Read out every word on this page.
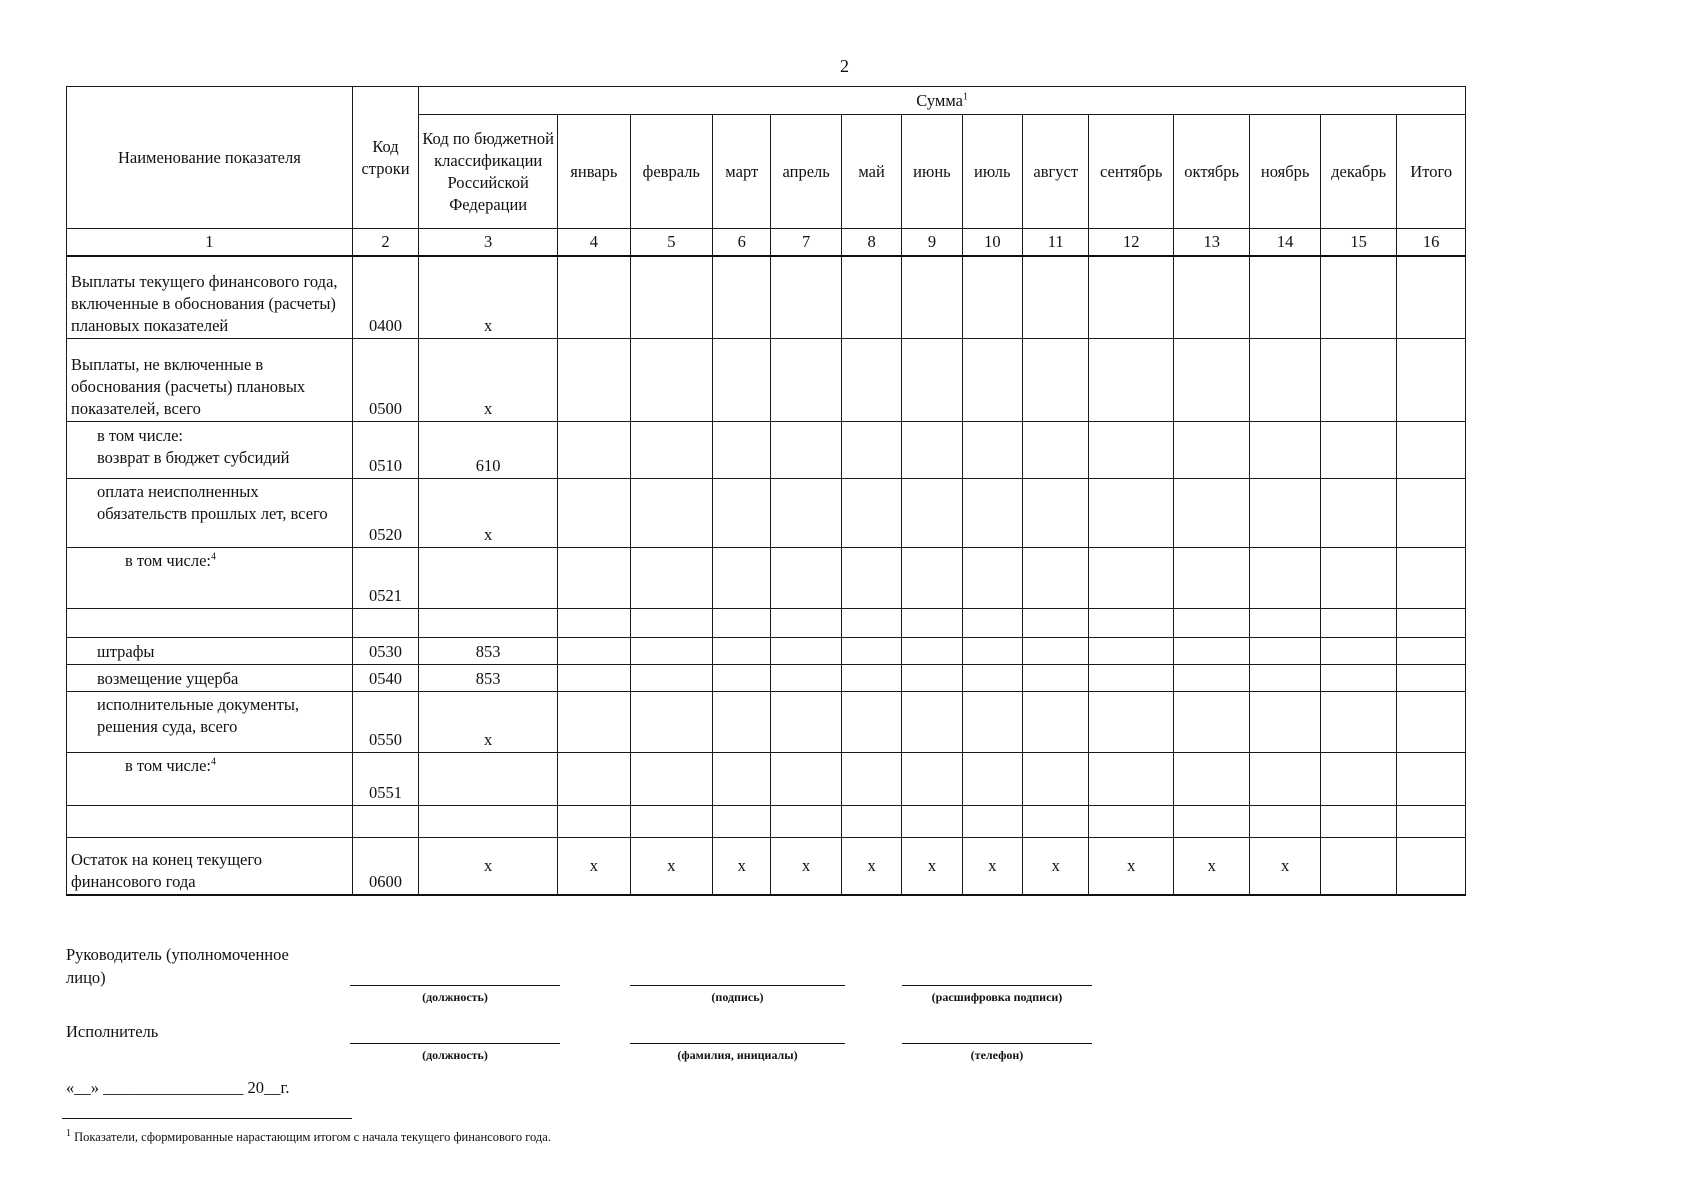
2
Наименование показателя	Код строки	Сумма$^1$
		Код по бюджетной классификации Российской Федерации	январь	февраль	март	апрель	май	июнь	июль	август	сентябрь	октябрь	ноябрь	декабрь	Итого
1	2	3	4	5	6	7	8	9	10	11	12	13	14	15	16
Выплаты текущего финансового года, включенные в обоснования (расчеты) плановых показателей	0400	x													
Выплаты, не включенные в обоснования (расчеты) плановых показателей, всего	0500	x													

в том числе:
возврат в бюджет субсидий	0510	610													
оплата неисполненных обязательств прошлых лет, всего	0520	x													
в том числе:$^4$	0521														

штрафы	0530	853													
возмещение ущерба	0540	853													
исполнительные документы, решения суда, всего	0550	x													
в том числе:$^4$	0551														

Остаток на конец текущего финансового года	0600	x	x	x	x	x	x	x	x	x	x	x	x		
Руководитель (уполномоченное лицо)
(должность)	(подпись)	(расшифровка подписи)
Исполнитель
(должность)	(фамилия, инициалы)	(телефон)
«__» _________________ 20__г.
$^1$ Показатели, сформированные нарастающим итогом с начала текущего финансового года.
